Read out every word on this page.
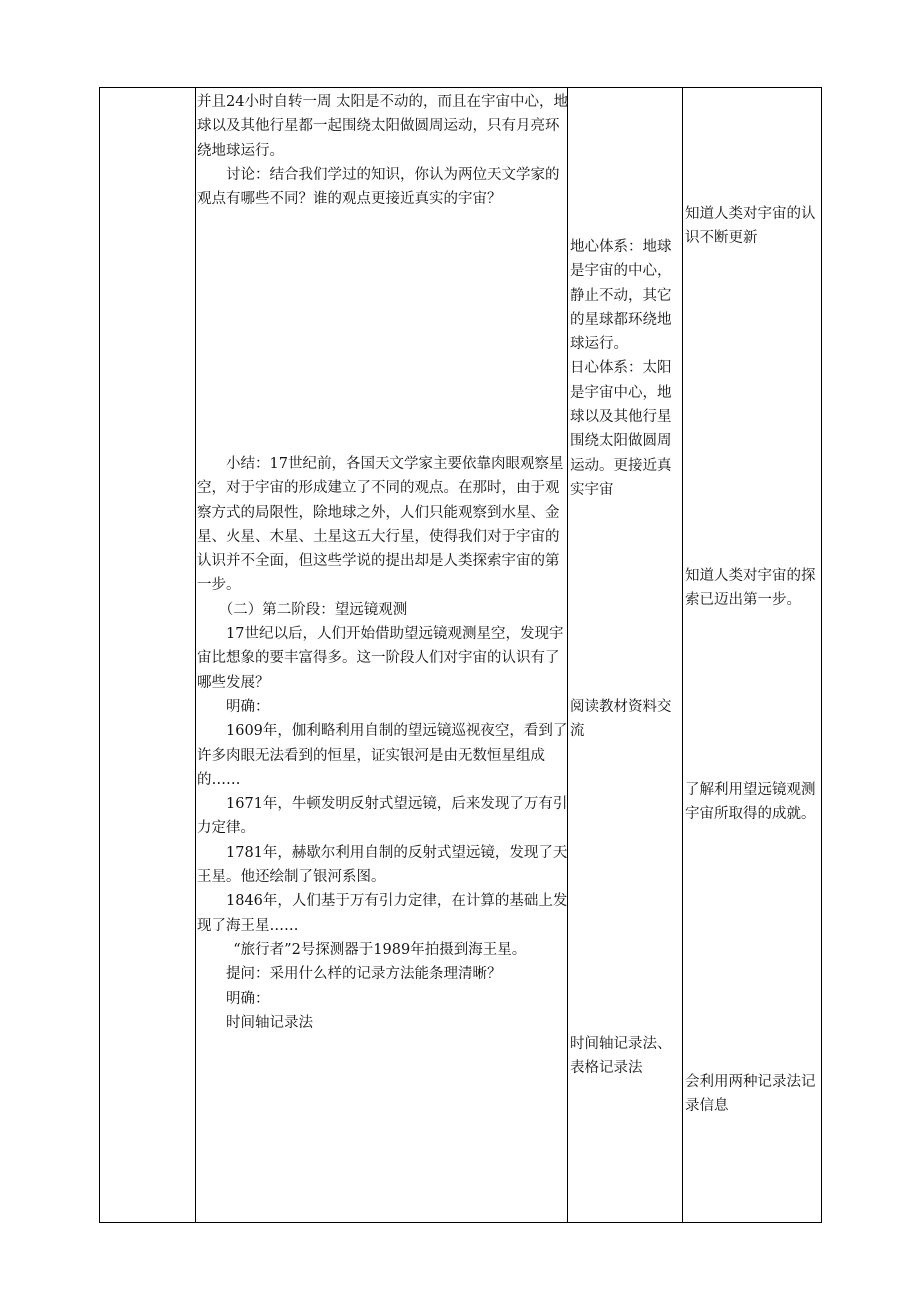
并且24小时自转一周 太阳是不动的，而且在宇宙中心，地球以及其他行星都一起围绕太阳做圆周运动，只有月亮环绕地球运行。

讨论：结合我们学过的知识，你认为两位天文学家的观点有哪些不同？谁的观点更接近真实的宇宙？

小结：17世纪前，各国天文学家主要依靠肉眼观察星空，对于宇宙的形成建立了不同的观点。在那时，由于观察方式的局限性，除地球之外，人们只能观察到水星、金星、火星、木星、土星这五大行星，使得我们对于宇宙的认识并不全面，但这些学说的提出却是人类探索宇宙的第一步。

（二）第二阶段：望远镜观测

17世纪以后，人们开始借助望远镜观测星空，发现宇宙比想象的要丰富得多。这一阶段人们对宇宙的认识有了哪些发展？

明确：

1609年，伽利略利用自制的望远镜巡视夜空，看到了许多肉眼无法看到的恒星，证实银河是由无数恒星组成的……

1671年，牛顿发明反射式望远镜，后来发现了万有引力定律。

1781年，赫歇尔利用自制的反射式望远镜，发现了天王星。他还绘制了银河系图。

1846年，人们基于万有引力定律，在计算的基础上发现了海王星……

“旅行者”2号探测器于1989年拍摄到海王星。

提问：采用什么样的记录方法能条理清晰？

明确：

时间轴记录法

地心体系：地球是宇宙的中心，静止不动，其它的星球都环绕地球运行。

日心体系：太阳是宇宙中心，地球以及其他行星围绕太阳做圆周运动。更接近真实宇宙

阅读教材资料交流

时间轴记录法、表格记录法

知道人类对宇宙的认识不断更新

知道人类对宇宙的探索已迈出第一步。

了解利用望远镜观测宇宙所取得的成就。

会利用两种记录法记录信息
